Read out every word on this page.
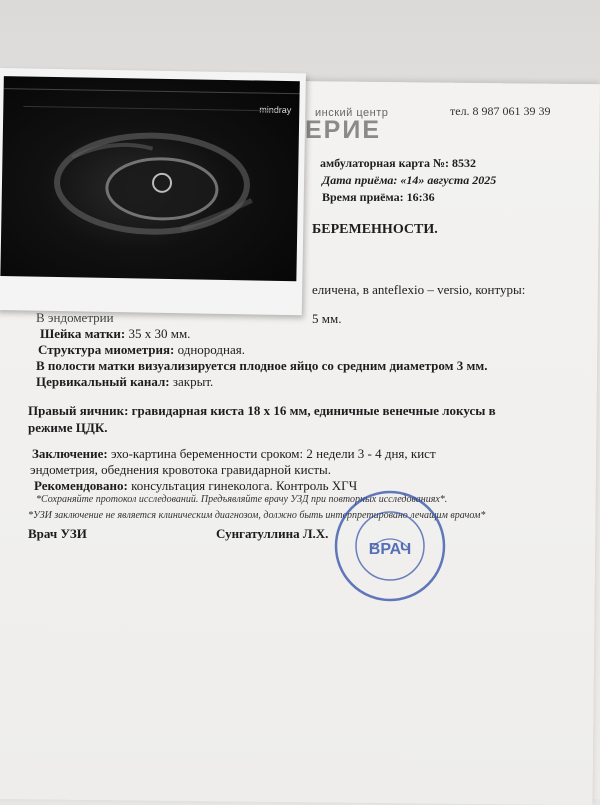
инский центр
ЕРИЕ
тел. 8 987 061 39 39
амбулаторная карта №: 8532
Дата приёма: «14» августа 2025
Время приёма: 16:36
БЕРЕМЕННОСТИ.
еличена, в anteflexio – versio, контуры:
В эндометрии	5 мм.
Шейка матки: 35 х 30 мм.
Структура миометрия: однородная.
В полости матки визуализируется плодное яйцо со средним диаметром 3 мм.
Цервикальный канал: закрыт.
Правый яичник: гравидарная киста 18 х 16 мм, единичные венечные локусы в
режиме ЦДК.
Заключение: эхо-картина беременности сроком: 2 недели 3 - 4 дня, кист
эндометрия, обеднения кровотока гравидарной кисты.
Рекомендовано: консультация гинеколога. Контроль ХГЧ
*Сохраняйте протокол исследований. Предъявляйте врачу УЗД при повторных исследованиях*.
*УЗИ заключение не является клиническим диагнозом, должно быть интерпретировано лечащим врачом*
Врач УЗИ	Сунгатуллина Л.Х.
ВРАЧ
mindray
